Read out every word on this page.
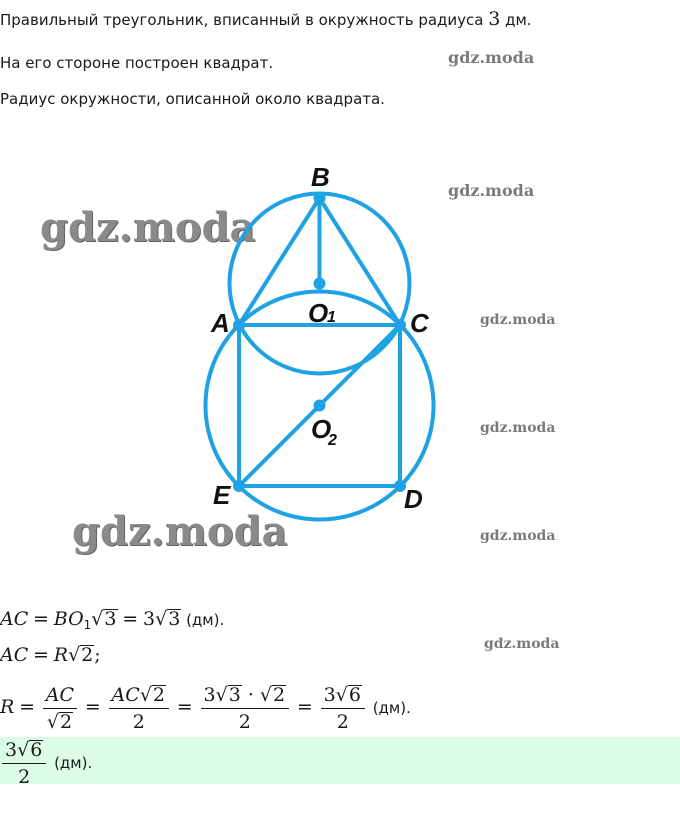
Правильный треугольник, вписанный в окружность радиуса 3 дм.
На его стороне построен квадрат.
Радиус окружности, описанной около квадрата.
gdz.moda
gdz.moda
gdz.moda
gdz.moda
gdz.moda
gdz.moda	gdz.moda
gdz.moda
B
A	C
O
1
O
2
E	D
AC = $BO_1√3 = 3√3$ (дм).
AC = R√2;
$R = \frac{AC}{√2} = \frac{AC√2}{2} = \frac{3√3 \cdot √2}{2} = \frac{3√6}{2} (дм)$.
$\frac{3√6}{2} (дм)$.
